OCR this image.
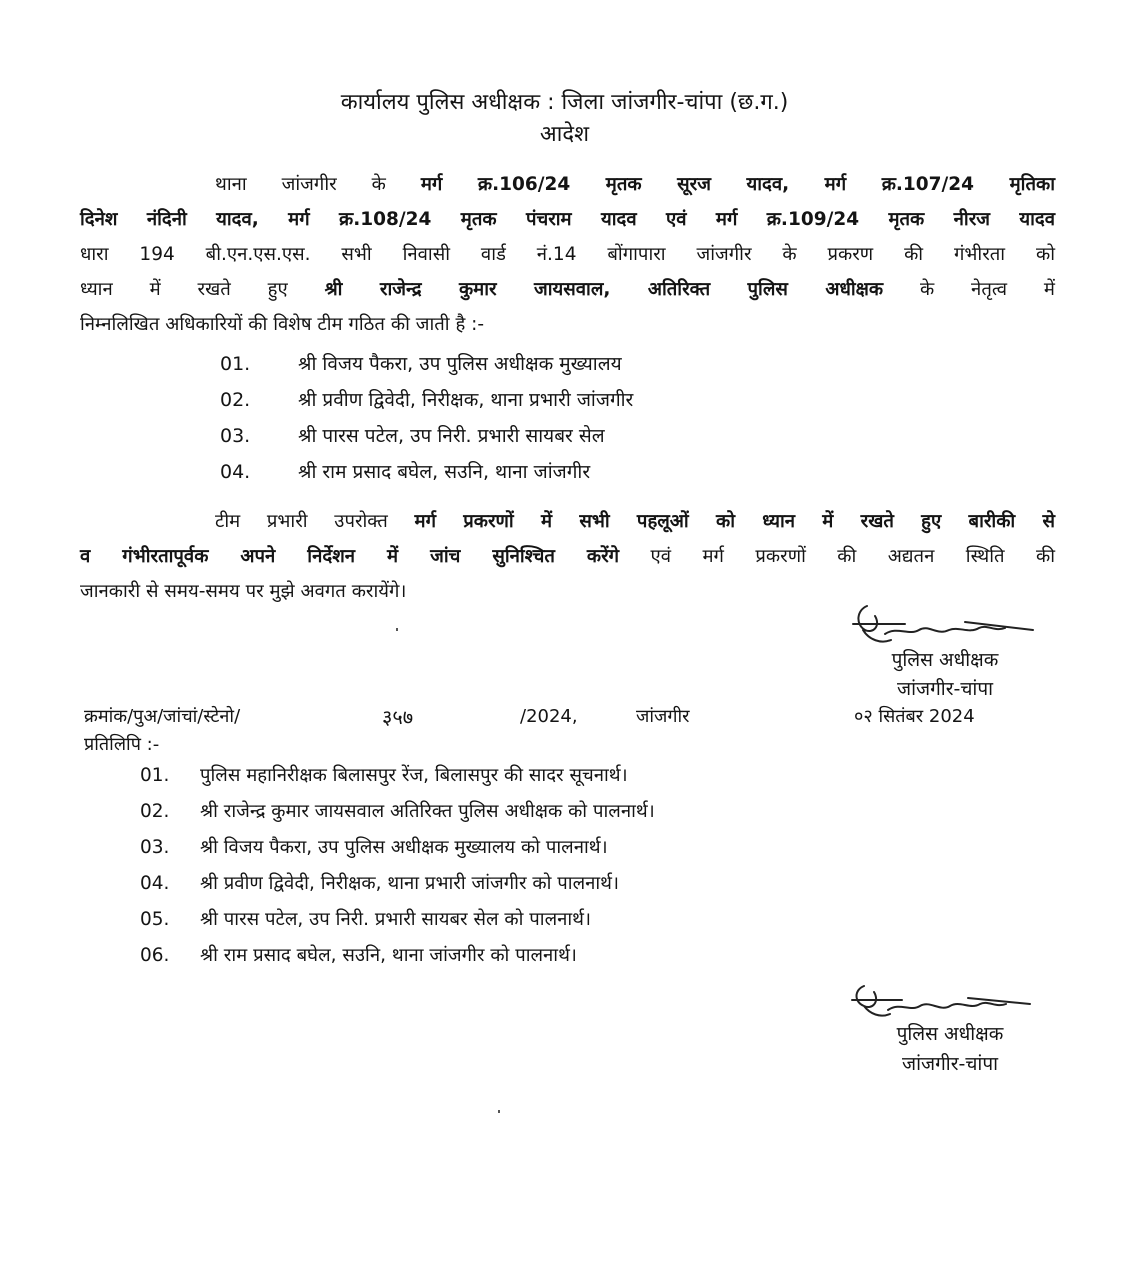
कार्यालय पुलिस अधीक्षक : जिला जांजगीर-चांपा (छ.ग.)
आदेश
थाना जांजगीर के मर्ग क्र.106/24 मृतक सूरज यादव, मर्ग क्र.107/24 मृतिका
दिनेश नंदिनी यादव, मर्ग क्र.108/24 मृतक पंचराम यादव एवं मर्ग क्र.109/24 मृतक नीरज यादव
धारा 194 बी.एन.एस.एस. सभी निवासी वार्ड नं.14 बोंगापारा जांजगीर के प्रकरण की गंभीरता को
ध्यान में रखते हुए श्री राजेन्द्र कुमार जायसवाल, अतिरिक्त पुलिस अधीक्षक के नेतृत्व में
निम्नलिखित अधिकारियों की विशेष टीम गठित की जाती है :-
01.	श्री विजय पैकरा, उप पुलिस अधीक्षक मुख्यालय
02.	श्री प्रवीण द्विवेदी, निरीक्षक, थाना प्रभारी जांजगीर
03.	श्री पारस पटेल, उप निरी. प्रभारी सायबर सेल
04.	श्री राम प्रसाद बघेल, सउनि, थाना जांजगीर
टीम प्रभारी उपरोक्त मर्ग प्रकरणों में सभी पहलूओं को ध्यान में रखते हुए बारीकी से
व गंभीरतापूर्वक अपने निर्देशन में जांच सुनिश्चित करेंगे एवं मर्ग प्रकरणों की अद्यतन स्थिति की
जानकारी से समय-समय पर मुझे अवगत करायेंगे।
पुलिस अधीक्षक
जांजगीर-चांपा
क्रमांक/पुअ/जांचां/स्टेनो/	३५७	/2024,	जांजगीर	०२ सितंबर 2024
प्रतिलिपि :-
01. पुलिस महानिरीक्षक बिलासपुर रेंज, बिलासपुर की सादर सूचनार्थ।
02. श्री राजेन्द्र कुमार जायसवाल अतिरिक्त पुलिस अधीक्षक को पालनार्थ।
03. श्री विजय पैकरा, उप पुलिस अधीक्षक मुख्यालय को पालनार्थ।
04. श्री प्रवीण द्विवेदी, निरीक्षक, थाना प्रभारी जांजगीर को पालनार्थ।
05. श्री पारस पटेल, उप निरी. प्रभारी सायबर सेल को पालनार्थ।
06. श्री राम प्रसाद बघेल, सउनि, थाना जांजगीर को पालनार्थ।
पुलिस अधीक्षक
जांजगीर-चांपा
